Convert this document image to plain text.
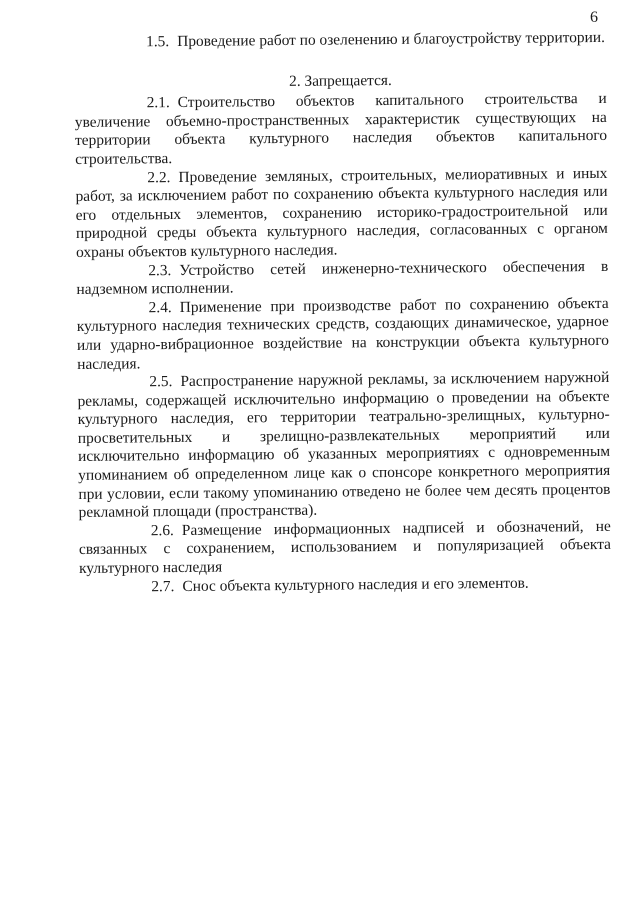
6

1.5. Проведение работ по озеленению и благоустройству территории.

2. Запрещается.

2.1. Строительство объектов капитального строительства и увеличение объемно-пространственных характеристик существующих на территории объекта культурного наследия объектов капитального строительства.

2.2. Проведение земляных, строительных, мелиоративных и иных работ, за исключением работ по сохранению объекта культурного наследия или его отдельных элементов, сохранению историко-градостроительной или природной среды объекта культурного наследия, согласованных с органом охраны объектов культурного наследия.

2.3. Устройство сетей инженерно-технического обеспечения в надземном исполнении.

2.4. Применение при производстве работ по сохранению объекта культурного наследия технических средств, создающих динамическое, ударное или ударно-вибрационное воздействие на конструкции объекта культурного наследия.

2.5. Распространение наружной рекламы, за исключением наружной рекламы, содержащей исключительно информацию о проведении на объекте культурного наследия, его территории театрально-зрелищных, культурно-просветительных и зрелищно-развлекательных мероприятий или исключительно информацию об указанных мероприятиях с одновременным упоминанием об определенном лице как о спонсоре конкретного мероприятия при условии, если такому упоминанию отведено не более чем десять процентов рекламной площади (пространства).

2.6. Размещение информационных надписей и обозначений, не связанных с сохранением, использованием и популяризацией объекта культурного наследия

2.7. Снос объекта культурного наследия и его элементов.
